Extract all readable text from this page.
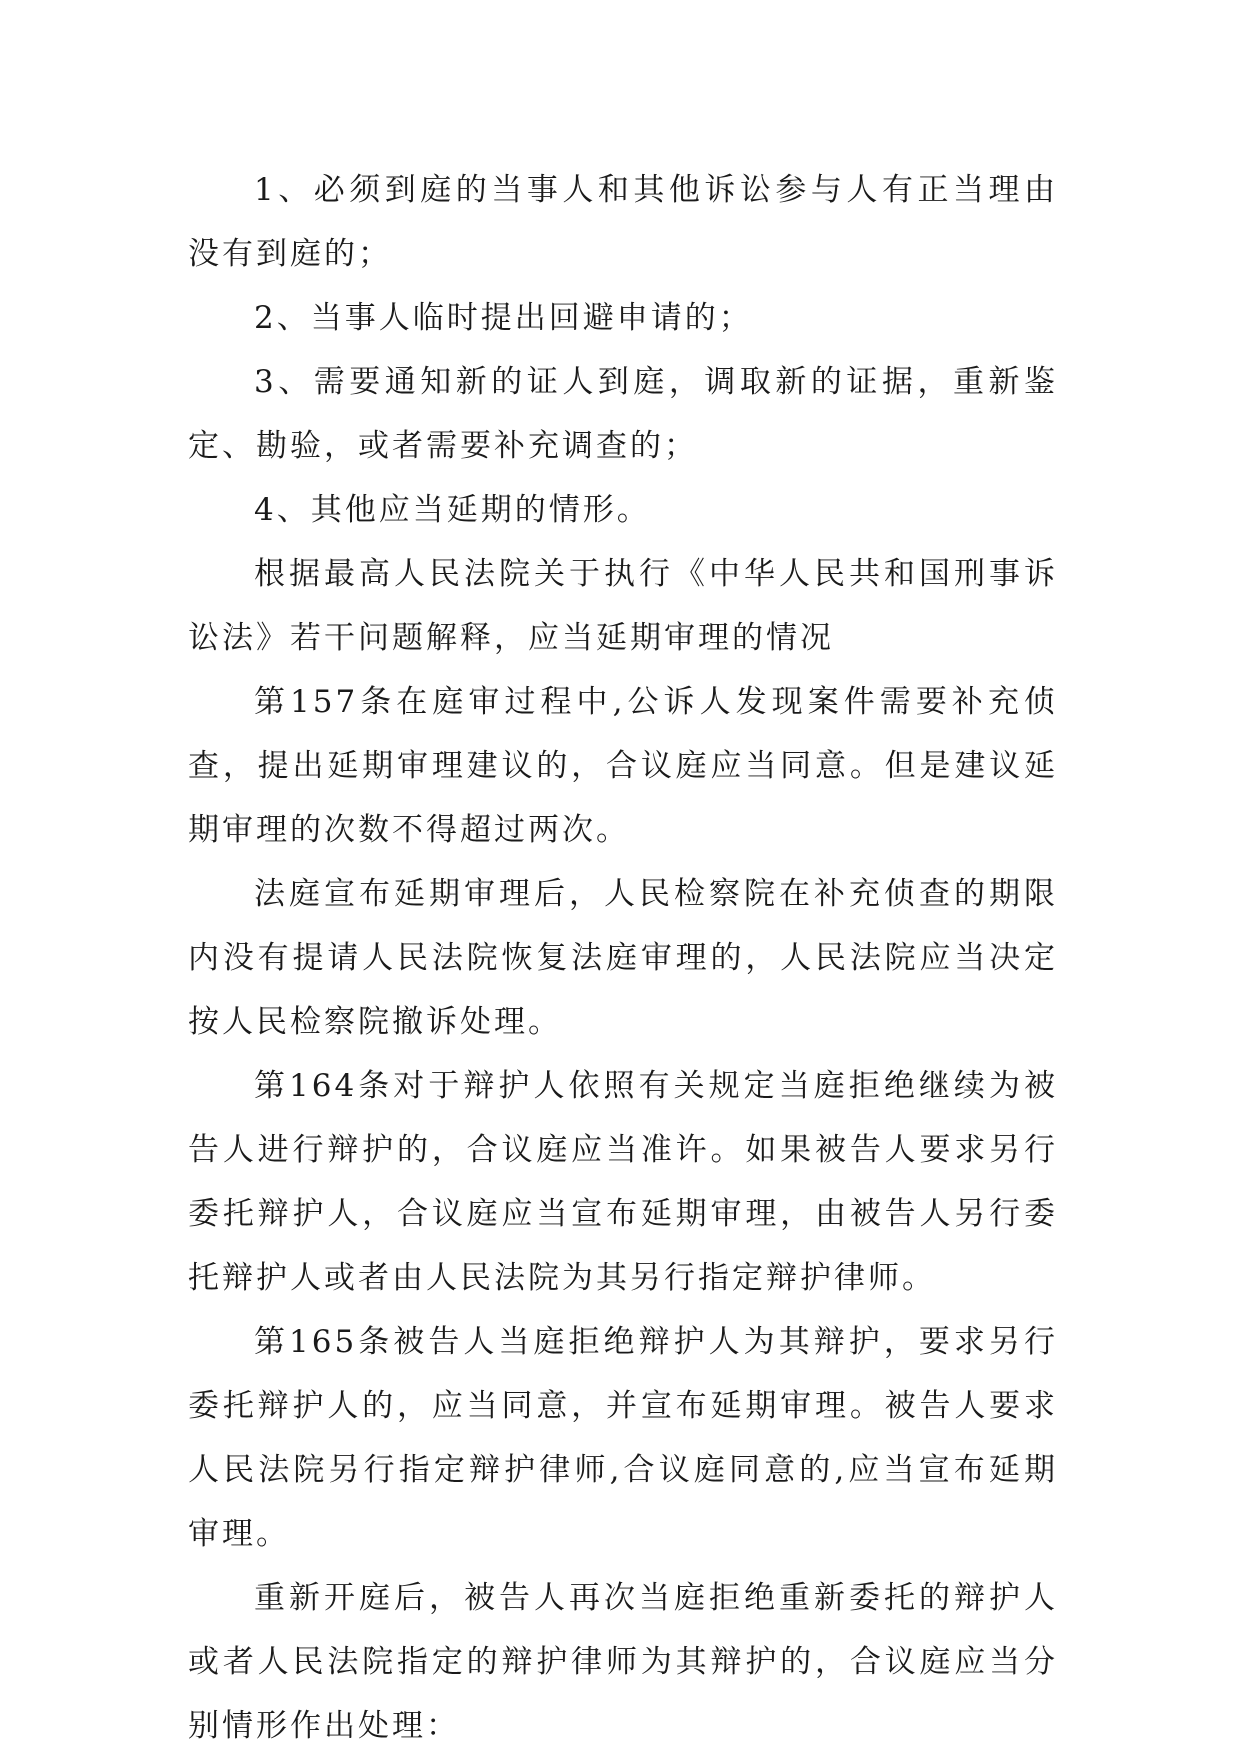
1、必须到庭的当事人和其他诉讼参与人有正当理由没有到庭的；

2、当事人临时提出回避申请的；

3、需要通知新的证人到庭，调取新的证据，重新鉴定、勘验，或者需要补充调查的；

4、其他应当延期的情形。

根据最高人民法院关于执行《中华人民共和国刑事诉讼法》若干问题解释，应当延期审理的情况

第157条在庭审过程中,公诉人发现案件需要补充侦查，提出延期审理建议的，合议庭应当同意。但是建议延期审理的次数不得超过两次。

法庭宣布延期审理后，人民检察院在补充侦查的期限内没有提请人民法院恢复法庭审理的，人民法院应当决定按人民检察院撤诉处理。

第164条对于辩护人依照有关规定当庭拒绝继续为被告人进行辩护的，合议庭应当准许。如果被告人要求另行委托辩护人，合议庭应当宣布延期审理，由被告人另行委托辩护人或者由人民法院为其另行指定辩护律师。

第165条被告人当庭拒绝辩护人为其辩护，要求另行委托辩护人的，应当同意，并宣布延期审理。被告人要求人民法院另行指定辩护律师,合议庭同意的,应当宣布延期审理。

重新开庭后，被告人再次当庭拒绝重新委托的辩护人或者人民法院指定的辩护律师为其辩护的，合议庭应当分别情形作出处理：
